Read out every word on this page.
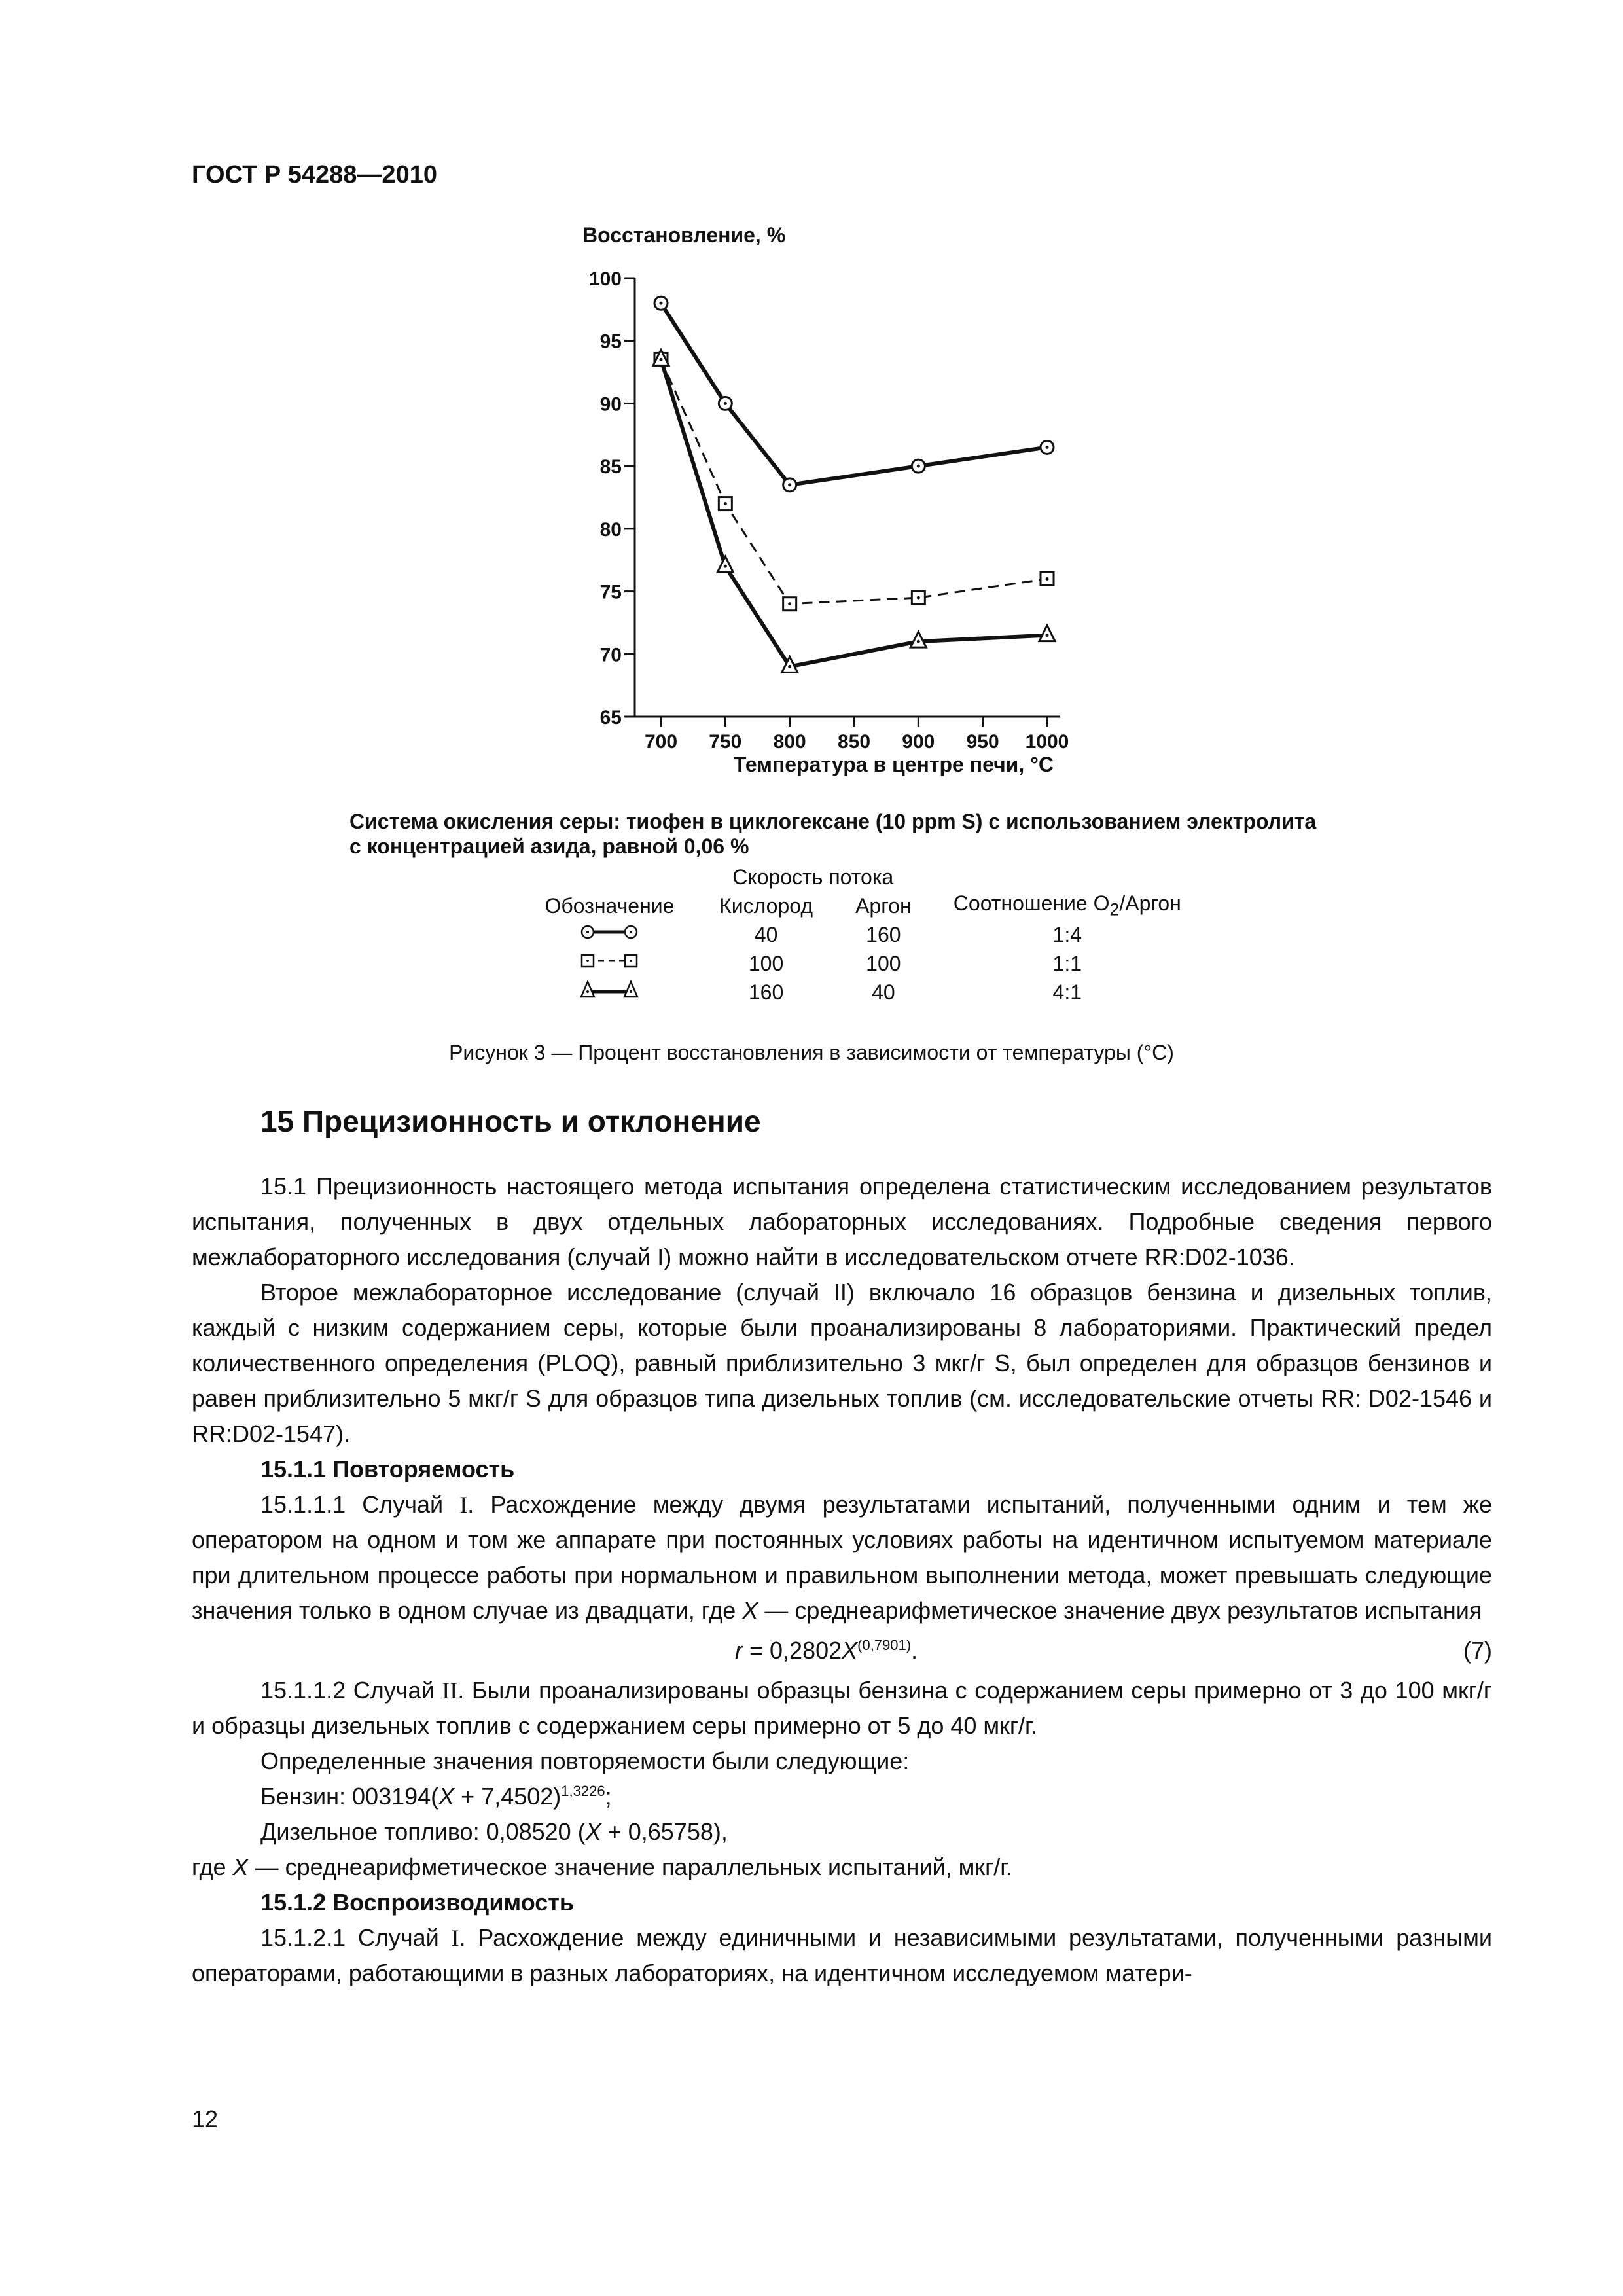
ГОСТ Р 54288—2010
65
70
75
80
85
90
95
100
700 750 800 850 900 950 1000
Восстановление, %
Температура в центре печи, °С
Система окисления серы: тиофен в циклогексане (10 ppm S) с использованием электролита
с концентрацией азида, равной 0,06 %
	Скорость потока		
Обозначение	Кислород	Аргон	Соотношение $О_2$/Аргон
	40	160	1:4
	100	100	1:1
	160	40	4:1
Рисунок 3 — Процент восстановления в зависимости от температуры (°С)
15 Прецизионность и отклонение

15.1 Прецизионность настоящего метода испытания определена статистическим исследованием результатов испытания, полученных в двух отдельных лабораторных исследованиях. Подробные сведения первого межлабораторного исследования (случай I) можно найти в исследовательском отчете RR:D02-1036.

Второе межлабораторное исследование (случай II) включало 16 образцов бензина и дизельных топлив, каждый с низким содержанием серы, которые были проанализированы 8 лабораториями. Практический предел количественного определения (PLOQ), равный приблизительно 3 мкг/г S, был определен для образцов бензинов и равен приблизительно 5 мкг/г S для образцов типа дизельных топлив (см. исследовательские отчеты RR: D02-1546 и RR:D02-1547).

15.1.1 Повторяемость

15.1.1.1 Случай I. Расхождение между двумя результатами испытаний, полученными одним и тем же оператором на одном и том же аппарате при постоянных условиях работы на идентичном испытуемом материале при длительном процессе работы при нормальном и правильном выполнении метода, может превышать следующие значения только в одном случае из двадцати, где X — среднеарифметическое значение двух результатов испытания

$r = 0,2802X^{(0,7901)}$.	(7)

15.1.1.2 Случай II. Были проанализированы образцы бензина с содержанием серы примерно от 3 до 100 мкг/г и образцы дизельных топлив с содержанием серы примерно от 5 до 40 мкг/г.

Определенные значения повторяемости были следующие:

Бензин: $003194(X + 7,4502)^{1,3226}$;

Дизельное топливо: 0,08520 (X + 0,65758),

где X — среднеарифметическое значение параллельных испытаний, мкг/г.

15.1.2 Воспроизводимость

15.1.2.1 Случай I. Расхождение между единичными и независимыми результатами, полученными разными операторами, работающими в разных лабораториях, на идентичном исследуемом матери-

12
